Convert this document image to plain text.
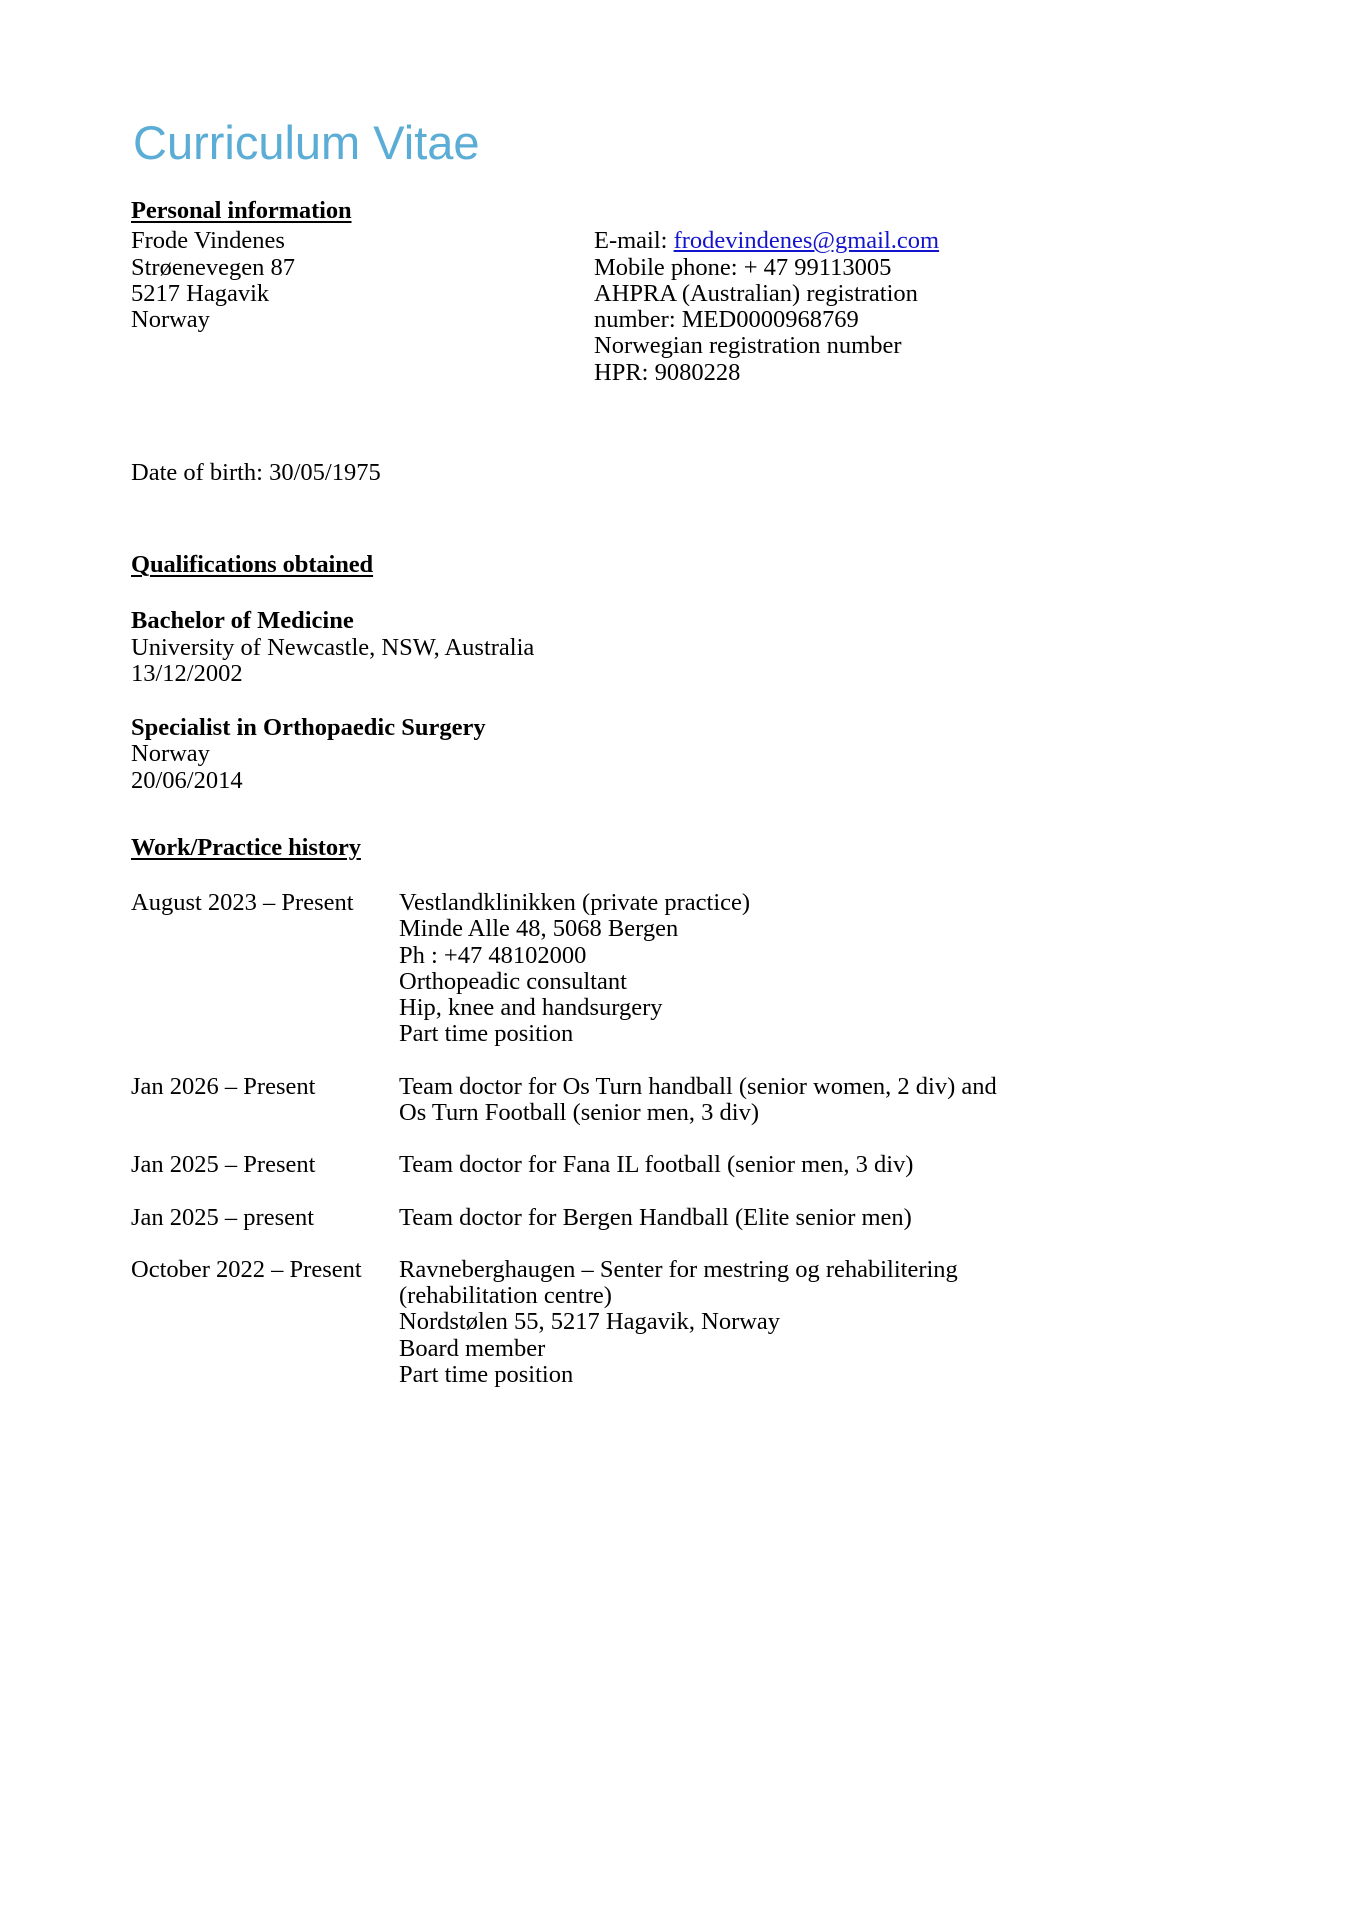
Curriculum Vitae
Personal information
Frode Vindenes
Strøenevegen 87
5217 Hagavik
Norway
E-mail: frodevindenes@gmail.com
Mobile phone: + 47 99113005
AHPRA (Australian) registration
number: MED0000968769
Norwegian registration number
HPR: 9080228
Date of birth: 30/05/1975
Qualifications obtained
Bachelor of Medicine
University of Newcastle, NSW, Australia
13/12/2002
Specialist in Orthopaedic Surgery
Norway
20/06/2014
Work/Practice history
August 2023 – Present	Vestlandklinikken (private practice)
Minde Alle 48, 5068 Bergen
Ph : +47 48102000
Orthopeadic consultant
Hip, knee and handsurgery
Part time position
Jan 2026 – Present	Team doctor for Os Turn handball (senior women, 2 div) and
Os Turn Football (senior men, 3 div)
Jan 2025 – Present	Team doctor for Fana IL football (senior men, 3 div)
Jan 2025 – present	Team doctor for Bergen Handball (Elite senior men)
October 2022 – Present	Ravneberghaugen – Senter for mestring og rehabilitering
(rehabilitation centre)
Nordstølen 55, 5217 Hagavik, Norway
Board member
Part time position
